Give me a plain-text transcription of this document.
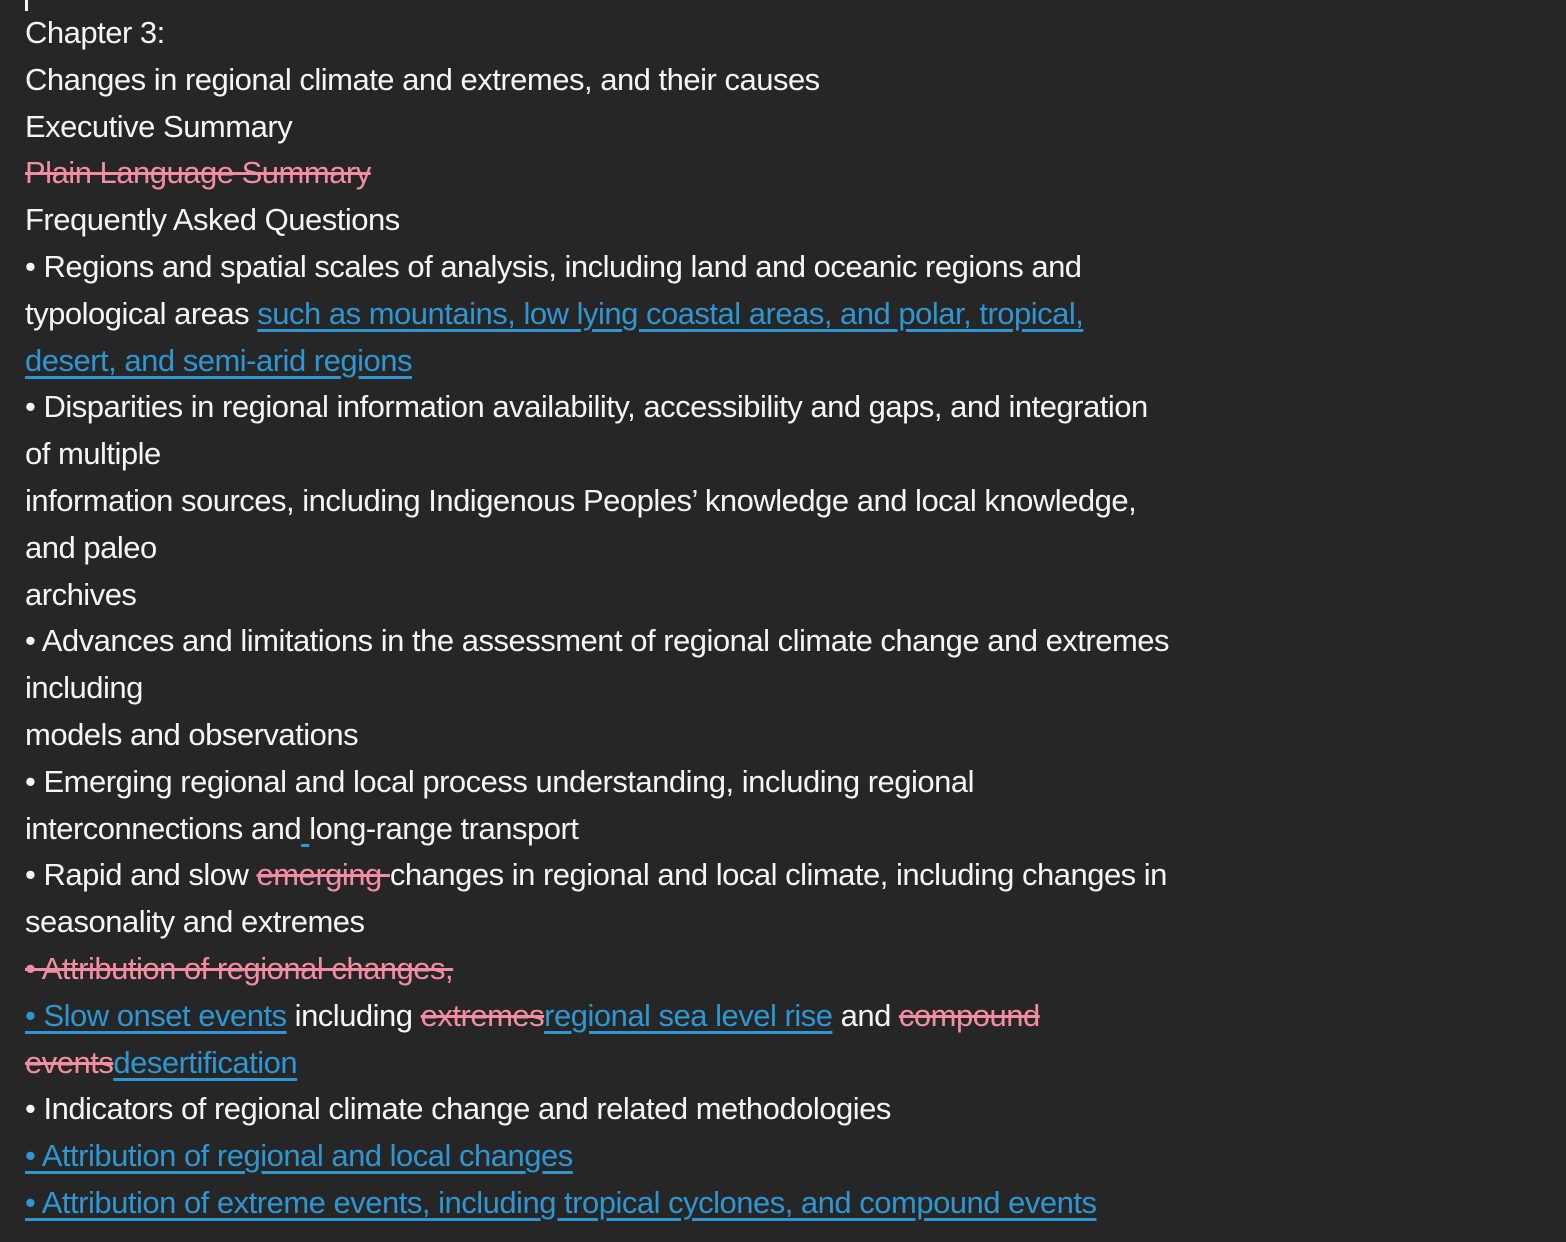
Chapter 3:
Changes in regional climate and extremes, and their causes
Executive Summary
Plain Language Summary
Frequently Asked Questions
• Regions and spatial scales of analysis, including land and oceanic regions and
typological areas such as mountains, low lying coastal areas, and polar, tropical,
desert, and semi-arid regions
• Disparities in regional information availability, accessibility and gaps, and integration
of multiple
information sources, including Indigenous Peoples’ knowledge and local knowledge,
and paleo
archives
• Advances and limitations in the assessment of regional climate change and extremes
including
models and observations
• Emerging regional and local process understanding, including regional
interconnections and long-range transport
• Rapid and slow emerging changes in regional and local climate, including changes in
seasonality and extremes
• Attribution of regional changes,
• Slow onset events including extremesregional sea level rise and compound
eventsdesertification
• Indicators of regional climate change and related methodologies
• Attribution of regional and local changes
• Attribution of extreme events, including tropical cyclones, and compound events
